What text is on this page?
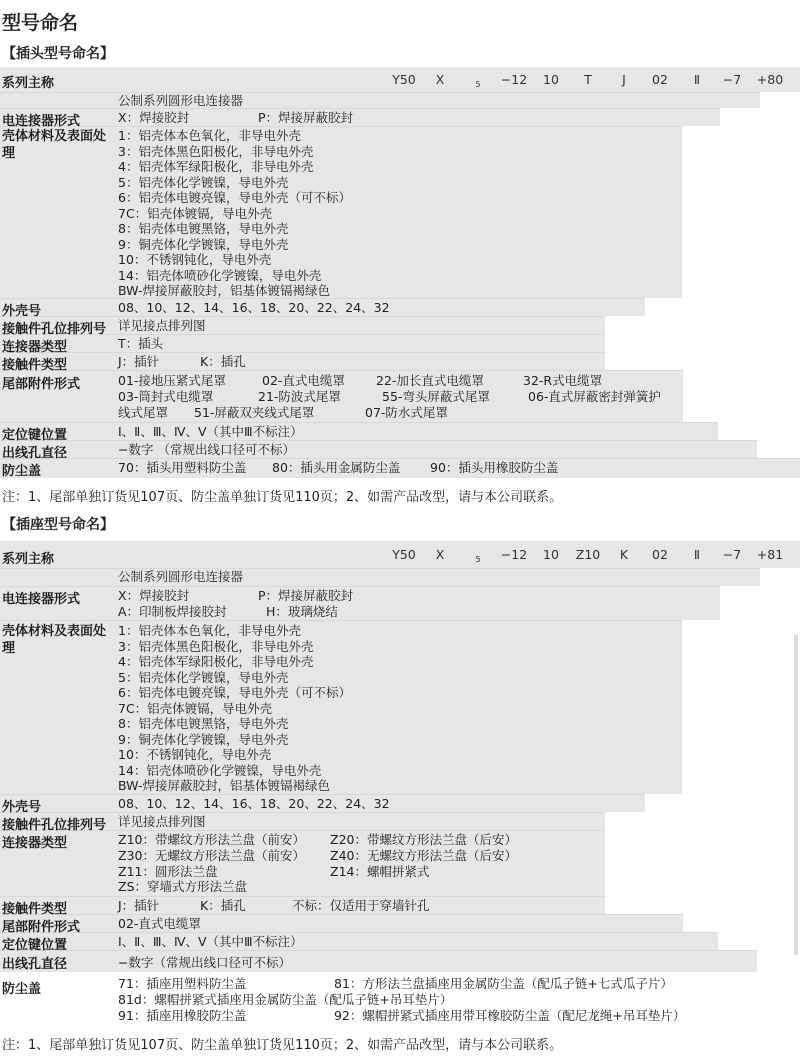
型号命名
【插头型号命名】
Y50	X	5	−12	10	T	J	02	Ⅱ	−7	+80
系列主称
公制系列圆形电连接器
电连接器形式	X：焊接胶封	P：焊接屏蔽胶封
壳体材料及表面处理
1：铝壳体本色氧化，非导电外壳
3：铝壳体黑色阳极化，非导电外壳
4：铝壳体军绿阳极化，非导电外壳
5：铝壳体化学镀镍，导电外壳
6：铝壳体电镀亮镍，导电外壳（可不标）
7C：铝壳体镀镉，导电外壳
8：铝壳体电镀黑铬，导电外壳
9：铜壳体化学镀镍，导电外壳
10：不锈钢钝化，导电外壳
14：铝壳体喷砂化学镀镍，导电外壳
BW-焊接屏蔽胶封，铝基体镀镉褐绿色
外壳号	08、10、12、14、16、18、20、22、24、32
接触件孔位排列号 详见接点排列图
连接器类型	T：插头
接触件类型	J：插针	K：插孔
尾部附件形式	01-接地压紧式尾罩	02-直式电缆罩 22-加长直式电缆罩	32-R式电缆罩
03-筒封式电缆罩	21-防波式尾罩	55-弯头屏蔽式尾罩	06-直式屏蔽密封弹簧护
线式尾罩 51-屏蔽双夹线式尾罩	07-防水式尾罩
定位键位置	Ⅰ、Ⅱ、Ⅲ、Ⅳ、Ⅴ（其中Ⅲ不标注）
出线孔直径	−数字 （常规出线口径可不标）
防尘盖	70：插头用塑料防尘盖 80：插头用金属防尘盖 90：插头用橡胶防尘盖
注：1、尾部单独订货见107页、防尘盖单独订货见110页；2、如需产品改型，请与本公司联系。
【插座型号命名】
Y50	X	5	−12	10	Z10	K	02	Ⅱ	−7	+81
系列主称
公制系列圆形电连接器
电连接器形式	X：焊接胶封	P：焊接屏蔽胶封
A：印制板焊接胶封	H：玻璃烧结
壳体材料及表面处理
1：铝壳体本色氧化，非导电外壳
3：铝壳体黑色阳极化，非导电外壳
4：铝壳体军绿阳极化，非导电外壳
5：铝壳体化学镀镍，导电外壳
6：铝壳体电镀亮镍，导电外壳（可不标）
7C：铝壳体镀镉，导电外壳
8：铝壳体电镀黑铬，导电外壳
9：铜壳体化学镀镍，导电外壳
10：不锈钢钝化，导电外壳
14：铝壳体喷砂化学镀镍，导电外壳
BW-焊接屏蔽胶封，铝基体镀镉褐绿色
外壳号	08、10、12、14、16、18、20、22、24、32
接触件孔位排列号 详见接点排列图
连接器类型	Z10：带螺纹方形法兰盘（前安） Z20：带螺纹方形法兰盘（后安）
Z30：无螺纹方形法兰盘（前安） Z40：无螺纹方形法兰盘（后安）
Z11：圆形法兰盘	Z14：螺帽拼紧式
ZS：穿墙式方形法兰盘
接触件类型	J：插针	K：插孔	不标：仅适用于穿墙针孔
尾部附件形式	02-直式电缆罩
定位键位置	Ⅰ、Ⅱ、Ⅲ、Ⅳ、Ⅴ（其中Ⅲ不标注）
出线孔直径	−数字（常规出线口径可不标）
防尘盖	71：插座用塑料防尘盖	81：方形法兰盘插座用金属防尘盖（配瓜子链+七式瓜子片）
81d：螺帽拼紧式插座用金属防尘盖（配瓜子链+吊耳垫片）
91：插座用橡胶防尘盖	92：螺帽拼紧式插座用带耳橡胶防尘盖（配尼龙绳+吊耳垫片）
注：1、尾部单独订货见107页、防尘盖单独订货见110页；2、如需产品改型，请与本公司联系。
